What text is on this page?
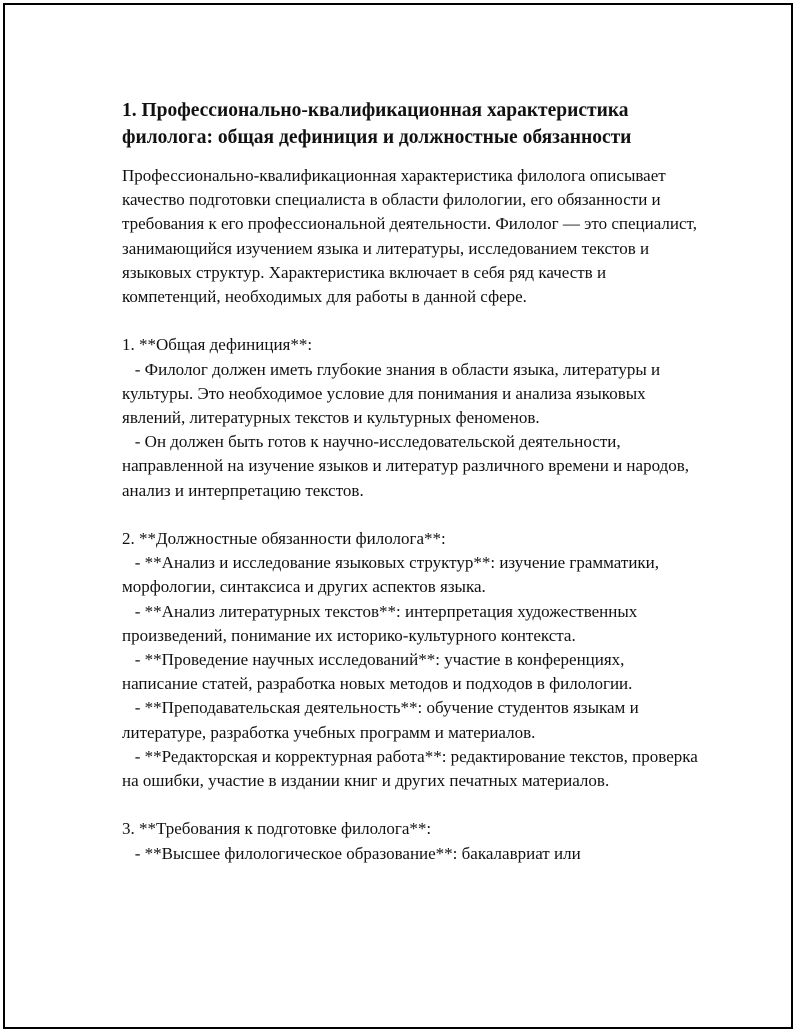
1. Профессионально-квалификационная характеристика филолога: общая дефиниция и должностные обязанности
Профессионально-квалификационная характеристика филолога описывает качество подготовки специалиста в области филологии, его обязанности и требования к его профессиональной деятельности. Филолог — это специалист, занимающийся изучением языка и литературы, исследованием текстов и языковых структур. Характеристика включает в себя ряд качеств и компетенций, необходимых для работы в данной сфере.

1. **Общая дефиниция**:
- Филолог должен иметь глубокие знания в области языка, литературы и культуры. Это необходимое условие для понимания и анализа языковых явлений, литературных текстов и культурных феноменов.
- Он должен быть готов к научно-исследовательской деятельности, направленной на изучение языков и литератур различного времени и народов, анализ и интерпретацию текстов.

2. **Должностные обязанности филолога**:
- **Анализ и исследование языковых структур**: изучение грамматики, морфологии, синтаксиса и других аспектов языка.
- **Анализ литературных текстов**: интерпретация художественных произведений, понимание их историко-культурного контекста.
- **Проведение научных исследований**: участие в конференциях, написание статей, разработка новых методов и подходов в филологии.
- **Преподавательская деятельность**: обучение студентов языкам и литературе, разработка учебных программ и материалов.
- **Редакторская и корректурная работа**: редактирование текстов, проверка на ошибки, участие в издании книг и других печатных материалов.

3. **Требования к подготовке филолога**:
- **Высшее филологическое образование**: бакалавриат или
